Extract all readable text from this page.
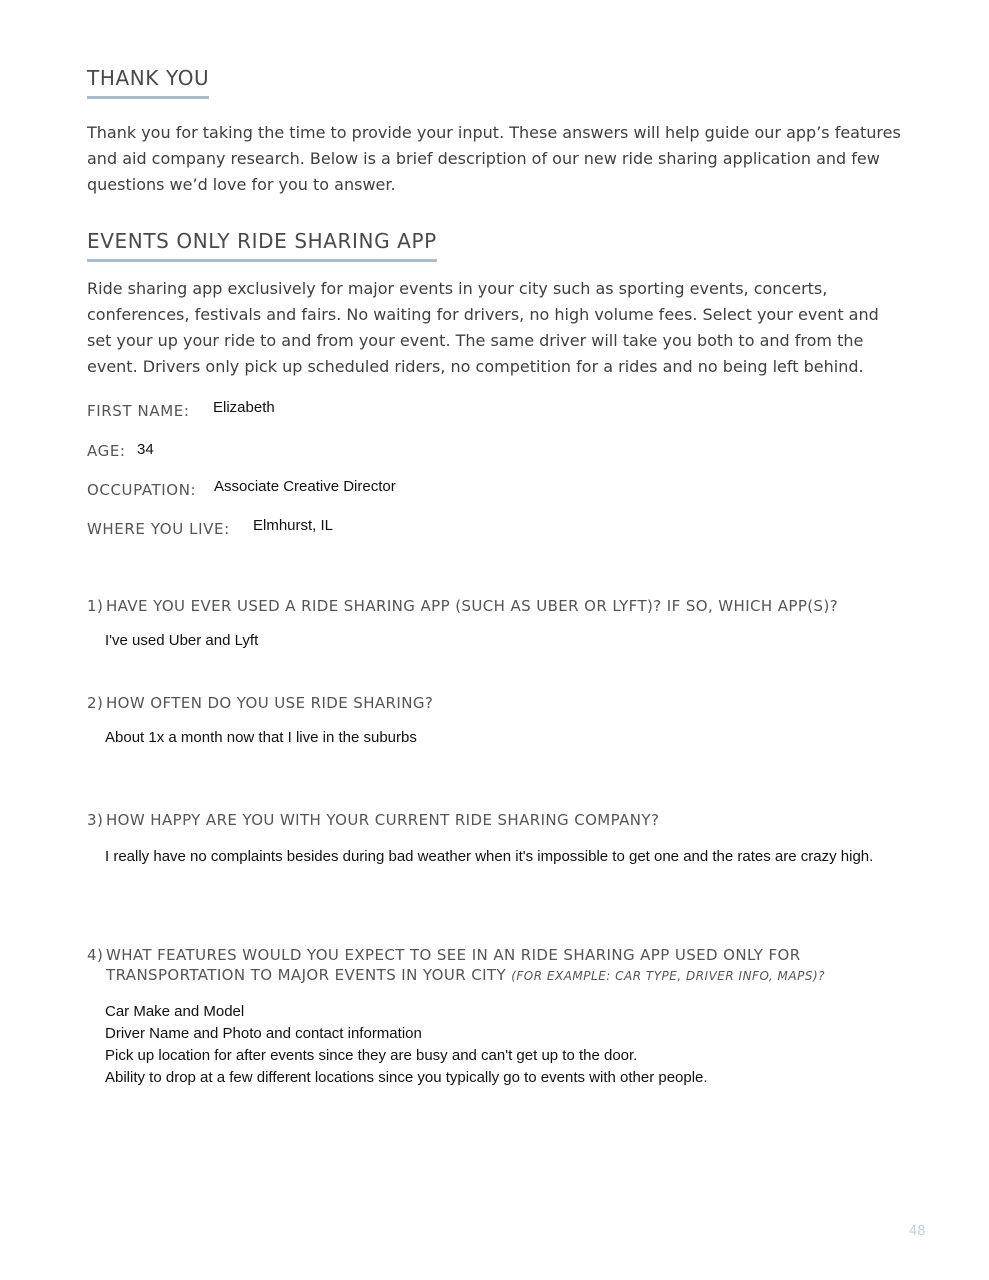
THANK YOU

Thank you for taking the time to provide your input. These answers will help guide our app’s features and aid company research. Below is a brief description of our new ride sharing application and few questions we’d love for you to answer.

EVENTS ONLY RIDE SHARING APP

Ride sharing app exclusively for major events in your city such as sporting events, concerts, conferences, festivals and fairs. No waiting for drivers, no high volume fees. Select your event and set your up your ride to and from your event. The same driver will take you both to and from the event. Drivers only pick up scheduled riders, no competition for a rides and no being left behind.

FIRST NAME: Elizabeth
AGE: 34
OCCUPATION: Associate Creative Director
WHERE YOU LIVE: Elmhurst, IL

1) HAVE YOU EVER USED A RIDE SHARING APP (SUCH AS UBER OR LYFT)? IF SO, WHICH APP(S)?

I've used Uber and Lyft

2) HOW OFTEN DO YOU USE RIDE SHARING?

About 1x a month now that I live in the suburbs

3) HOW HAPPY ARE YOU WITH YOUR CURRENT RIDE SHARING COMPANY?

I really have no complaints besides during bad weather when it's impossible to get one and the rates are crazy high.

4) WHAT FEATURES WOULD YOU EXPECT TO SEE IN AN RIDE SHARING APP USED ONLY FOR
TRANSPORTATION TO MAJOR EVENTS IN YOUR CITY (FOR EXAMPLE: CAR TYPE, DRIVER INFO, MAPS)?

Car Make and Model
Driver Name and Photo and contact information
Pick up location for after events since they are busy and can't get up to the door.
Ability to drop at a few different locations since you typically go to events with other people.

48
